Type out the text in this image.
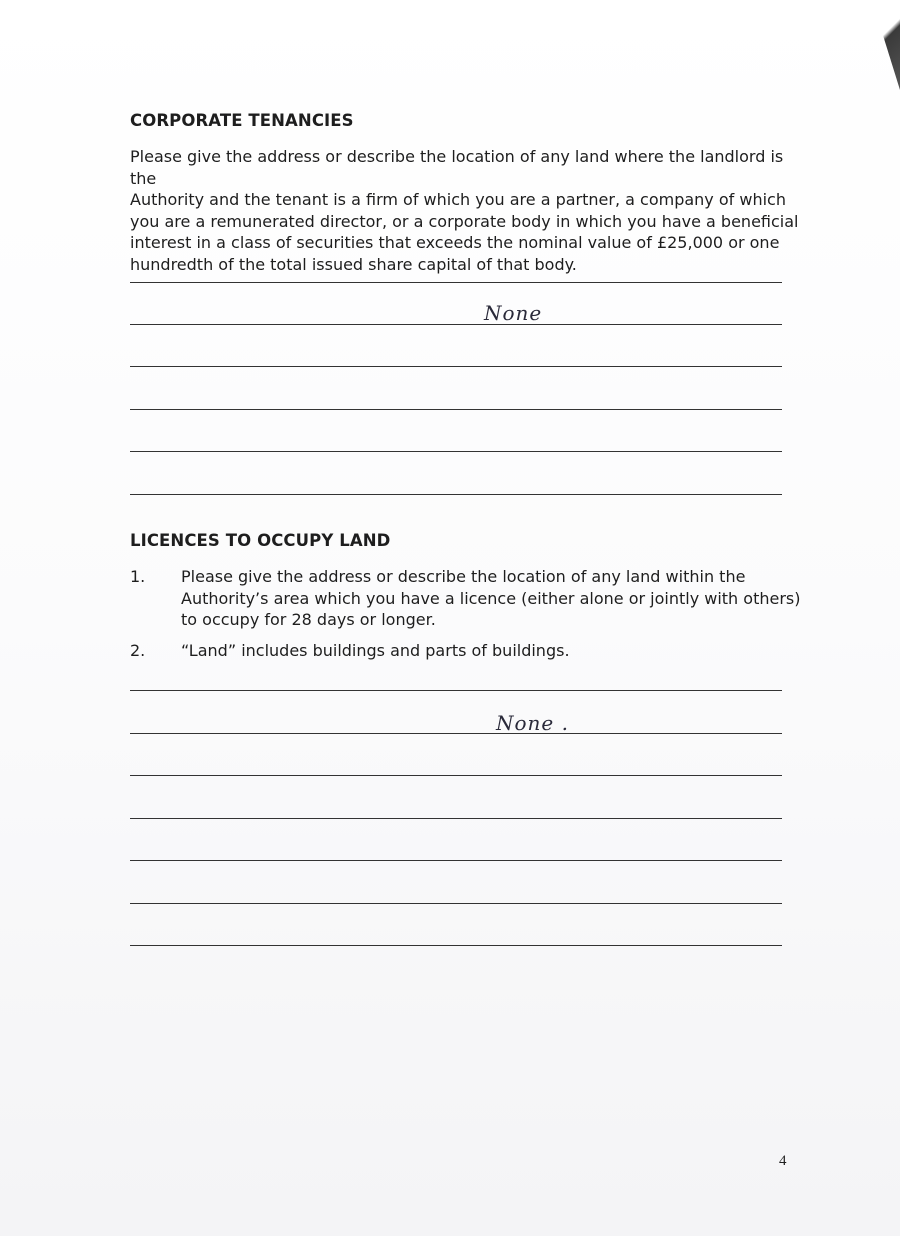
CORPORATE TENANCIES
Please give the address or describe the location of any land where the landlord is the
Authority and the tenant is a firm of which you are a partner, a company of which
you are a remunerated director, or a corporate body in which you have a beneficial
interest in a class of securities that exceeds the nominal value of £25,000 or one
hundredth of the total issued share capital of that body.
None
LICENCES TO OCCUPY LAND
1. Please give the address or describe the location of any land within the
Authority’s area which you have a licence (either alone or jointly with others)
to occupy for 28 days or longer.
2. “Land” includes buildings and parts of buildings.
None .
4
